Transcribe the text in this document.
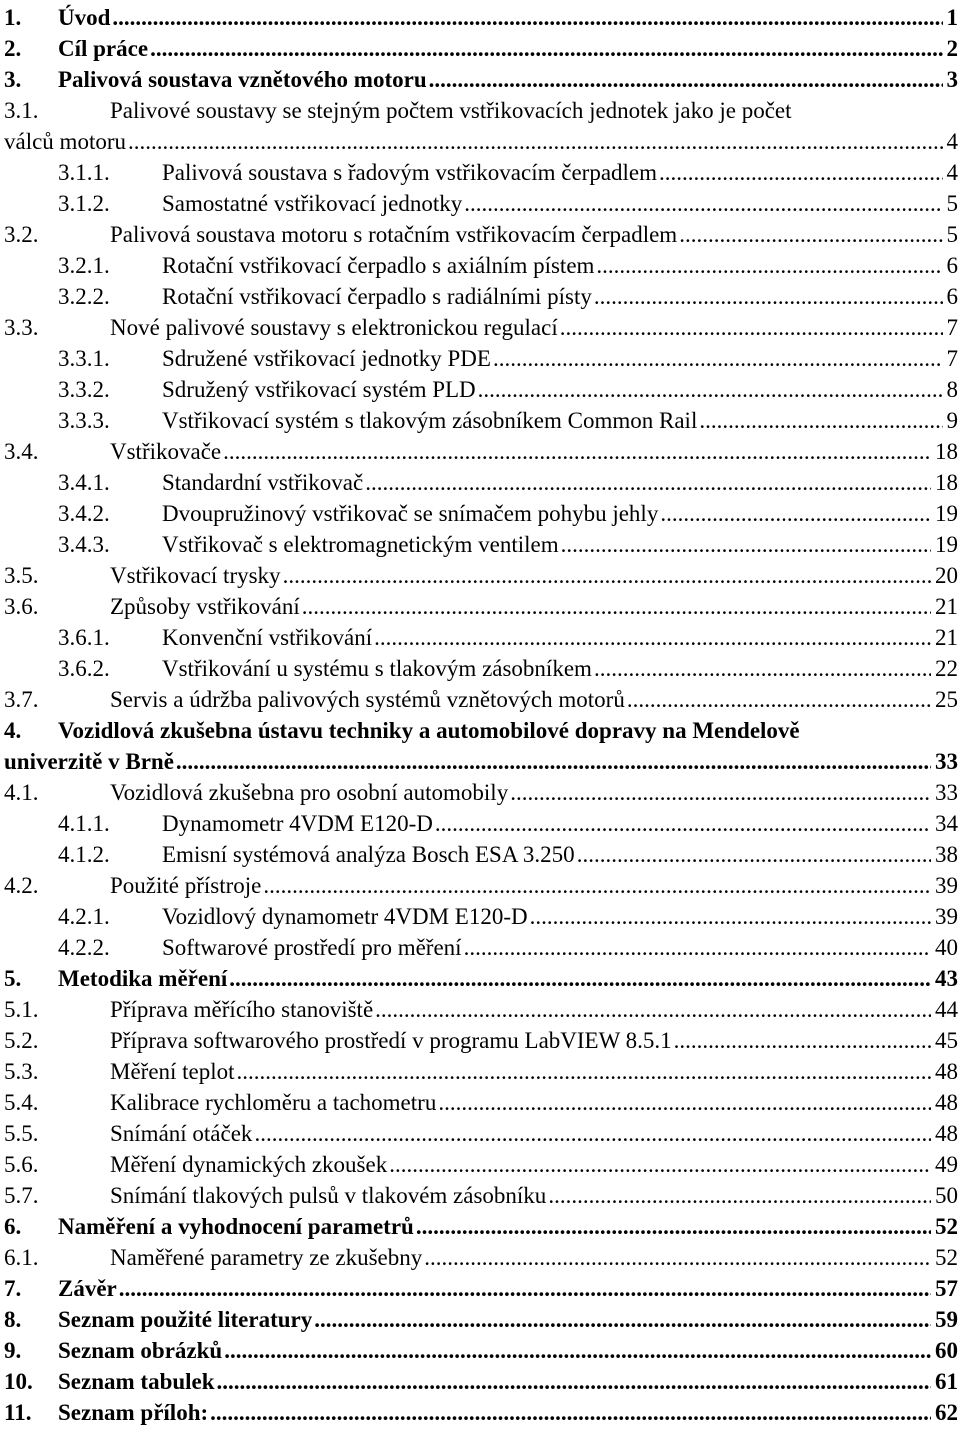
1.	Úvod .....	1
2.	Cíl práce .....	2
3.	Palivová soustava vznětového motoru .....	3
3.1.	Palivové soustavy se stejným počtem vstřikovacích jednotek jako je počet
válců motoru .....	4
3.1.1.	Palivová soustava s řadovým vstřikovacím čerpadlem .....	4
3.1.2.	Samostatné vstřikovací jednotky .....	5
3.2.	Palivová soustava motoru s rotačním vstřikovacím čerpadlem .....	5
3.2.1.	Rotační vstřikovací čerpadlo s axiálním pístem .....	6
3.2.2.	Rotační vstřikovací čerpadlo s radiálními písty .....	6
3.3.	Nové palivové soustavy s elektronickou regulací .....	7
3.3.1.	Sdružené vstřikovací jednotky PDE .....	7
3.3.2.	Sdružený vstřikovací systém PLD .....	8
3.3.3.	Vstřikovací systém s tlakovým zásobníkem Common Rail .....	9
3.4.	Vstřikovače .....	18
3.4.1.	Standardní vstřikovač .....	18
3.4.2.	Dvoupružinový vstřikovač se snímačem pohybu jehly .....	19
3.4.3.	Vstřikovač s elektromagnetickým ventilem .....	19
3.5.	Vstřikovací trysky .....	20
3.6.	Způsoby vstřikování .....	21
3.6.1.	Konvenční vstřikování .....	21
3.6.2.	Vstřikování u systému s tlakovým zásobníkem .....	22
3.7.	Servis a údržba palivových systémů vznětových motorů .....	25
4.	Vozidlová zkušebna ústavu techniky a automobilové dopravy na Mendelově
univerzitě v Brně .....	33
4.1.	Vozidlová zkušebna pro osobní automobily .....	33
4.1.1.	Dynamometr 4VDM E120-D .....	34
4.1.2.	Emisní systémová analýza Bosch ESA 3.250 .....	38
4.2.	Použité přístroje .....	39
4.2.1.	Vozidlový dynamometr 4VDM E120-D .....	39
4.2.2.	Softwarové prostředí pro měření .....	40
5.	Metodika měření .....	43
5.1.	Příprava měřícího stanoviště .....	44
5.2.	Příprava softwarového prostředí v programu LabVIEW 8.5.1 .....	45
5.3.	Měření teplot .....	48
5.4.	Kalibrace rychloměru a tachometru .....	48
5.5.	Snímání otáček .....	48
5.6.	Měření dynamických zkoušek .....	49
5.7.	Snímání tlakových pulsů v tlakovém zásobníku .....	50
6.	Naměření a vyhodnocení parametrů .....	52
6.1.	Naměřené parametry ze zkušebny .....	52
7.	Závěr .....	57
8.	Seznam použité literatury .....	59
9.	Seznam obrázků .....	60
10.	Seznam tabulek .....	61
11.	Seznam příloh: .....	62
